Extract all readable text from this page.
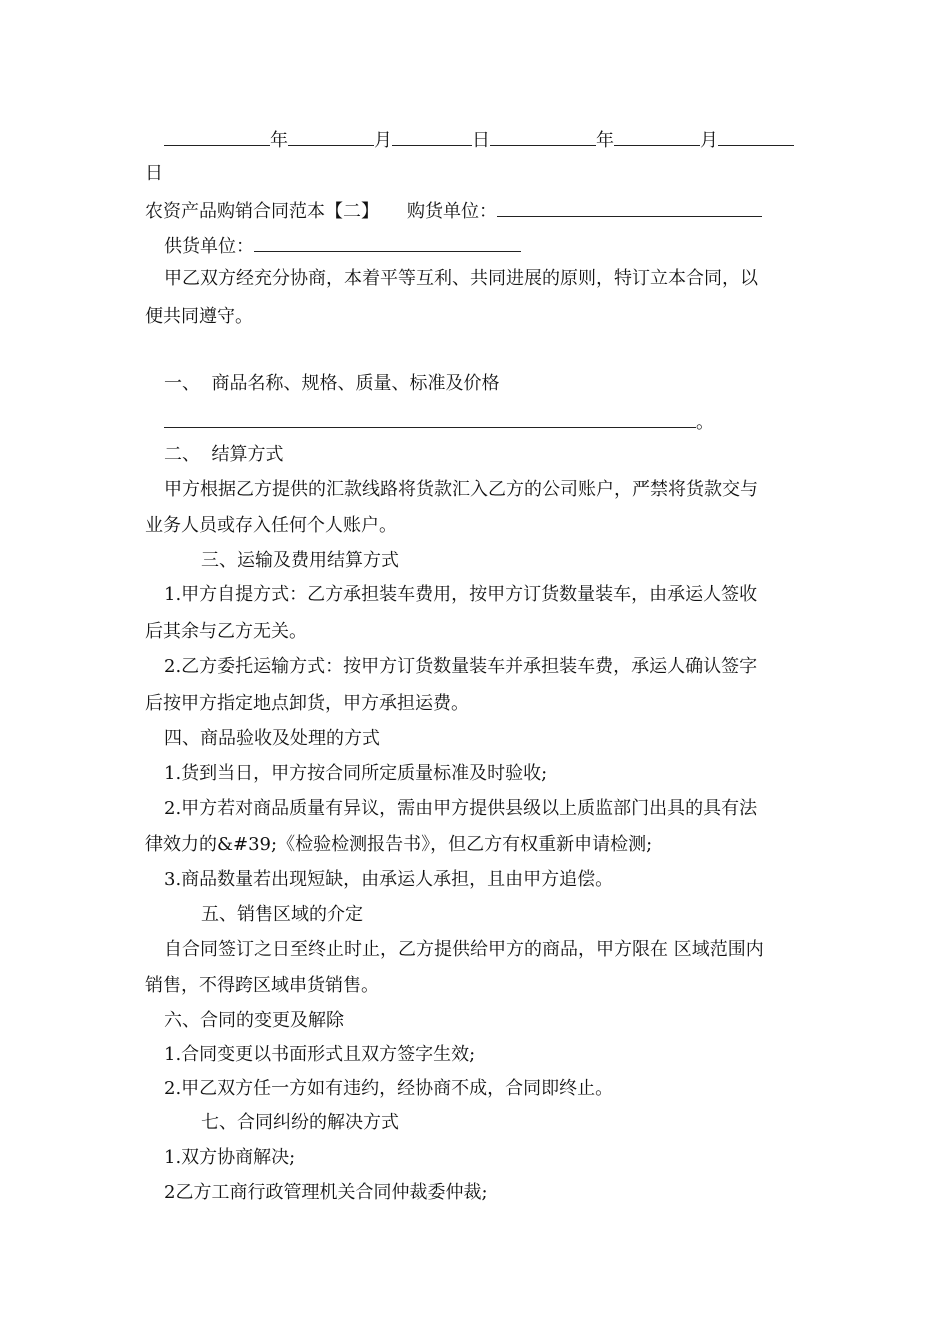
年	月	日	年	月
日
农资产品购销合同范本【二】 购货单位：
供货单位：
甲乙双方经充分协商，本着平等互利、共同进展的原则，特订立本合同，以
便共同遵守。
一、  商品名称、规格、质量、标准及价格
。
二、  结算方式
甲方根据乙方提供的汇款线路将货款汇入乙方的公司账户，严禁将货款交与
业务人员或存入任何个人账户。
三、运输及费用结算方式
1.甲方自提方式：乙方承担装车费用，按甲方订货数量装车，由承运人签收
后其余与乙方无关。
2.乙方委托运输方式：按甲方订货数量装车并承担装车费，承运人确认签字
后按甲方指定地点卸货，甲方承担运费。
四、商品验收及处理的方式
1.货到当日，甲方按合同所定质量标准及时验收;
2.甲方若对商品质量有异议，需由甲方提供县级以上质监部门出具的具有法
律效力的&#39;《检验检测报告书》，但乙方有权重新申请检测;
3.商品数量若出现短缺，由承运人承担，且由甲方追偿。
五、销售区域的介定
自合同签订之日至终止时止，乙方提供给甲方的商品，甲方限在 区域范围内
销售，不得跨区域串货销售。
六、合同的变更及解除
1.合同变更以书面形式且双方签字生效;
2.甲乙双方任一方如有违约，经协商不成，合同即终止。
七、合同纠纷的解决方式
1.双方协商解决;
2乙方工商行政管理机关合同仲裁委仲裁;
